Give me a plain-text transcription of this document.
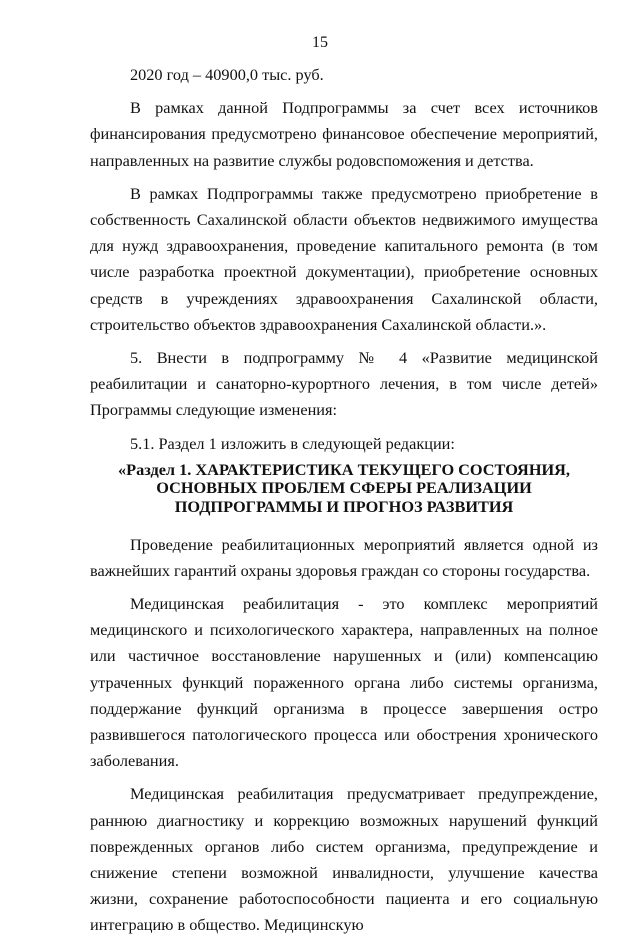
15

2020 год – 40900,0 тыс. руб.

В рамках данной Подпрограммы за счет всех источников финансирования предусмотрено финансовое обеспечение мероприятий, направленных на развитие службы родовспоможения и детства.

В рамках Подпрограммы также предусмотрено приобретение в собственность Сахалинской области объектов недвижимого имущества для нужд здравоохранения, проведение капитального ремонта (в том числе разработка проектной документации), приобретение основных средств в учреждениях здравоохранения Сахалинской области, строительство объектов здравоохранения Сахалинской области.».

5. Внести в подпрограмму № 4 «Развитие медицинской реабилитации и санаторно-курортного лечения, в том числе детей» Программы следующие изменения:

5.1. Раздел 1 изложить в следующей редакции:

«Раздел 1. ХАРАКТЕРИСТИКА ТЕКУЩЕГО СОСТОЯНИЯ,
ОСНОВНЫХ ПРОБЛЕМ СФЕРЫ РЕАЛИЗАЦИИ
ПОДПРОГРАММЫ И ПРОГНОЗ РАЗВИТИЯ

Проведение реабилитационных мероприятий является одной из важнейших гарантий охраны здоровья граждан со стороны государства.

Медицинская реабилитация - это комплекс мероприятий медицинского и психологического характера, направленных на полное или частичное восстановление нарушенных и (или) компенсацию утраченных функций пораженного органа либо системы организма, поддержание функций организма в процессе завершения остро развившегося патологического процесса или обострения хронического заболевания.

Медицинская реабилитация предусматривает предупреждение, раннюю диагностику и коррекцию возможных нарушений функций поврежденных органов либо систем организма, предупреждение и снижение степени возможной инвалидности, улучшение качества жизни, сохранение работоспособности пациента и его социальную интеграцию в общество. Медицинскую
